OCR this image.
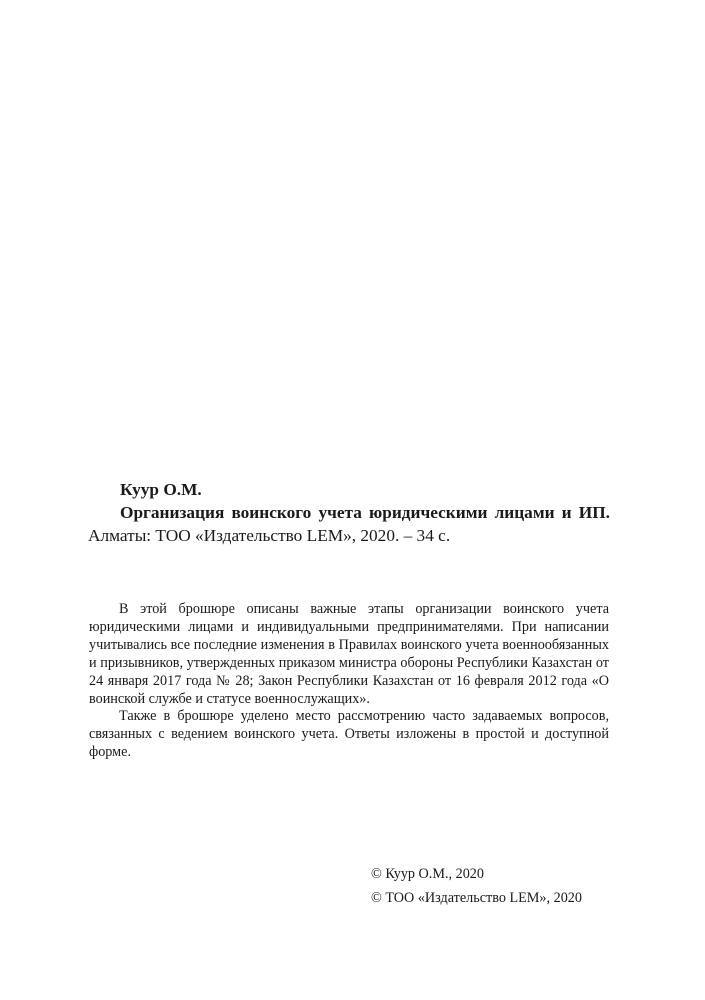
Куур О.М.
Организация воинского учета юридическими лицами и ИП. Алматы: ТОО «Издательство LEM», 2020. – 34 с.

В этой брошюре описаны важные этапы организации воинского учета юридическими лицами и индивидуальными предпринимателями. При написании учитывались все последние изменения в Правилах воинского учета военнообязанных и призывников, утвержденных приказом министра обороны Республики Казахстан от 24 января 2017 года № 28; Закон Республики Казахстан от 16 февраля 2012 года «О воинской службе и статусе военнослужащих».

Также в брошюре уделено место рассмотрению часто задаваемых вопросов, связанных с ведением воинского учета. Ответы изложены в простой и доступной форме.

© Куур О.М., 2020
© ТОО «Издательство LEM», 2020
